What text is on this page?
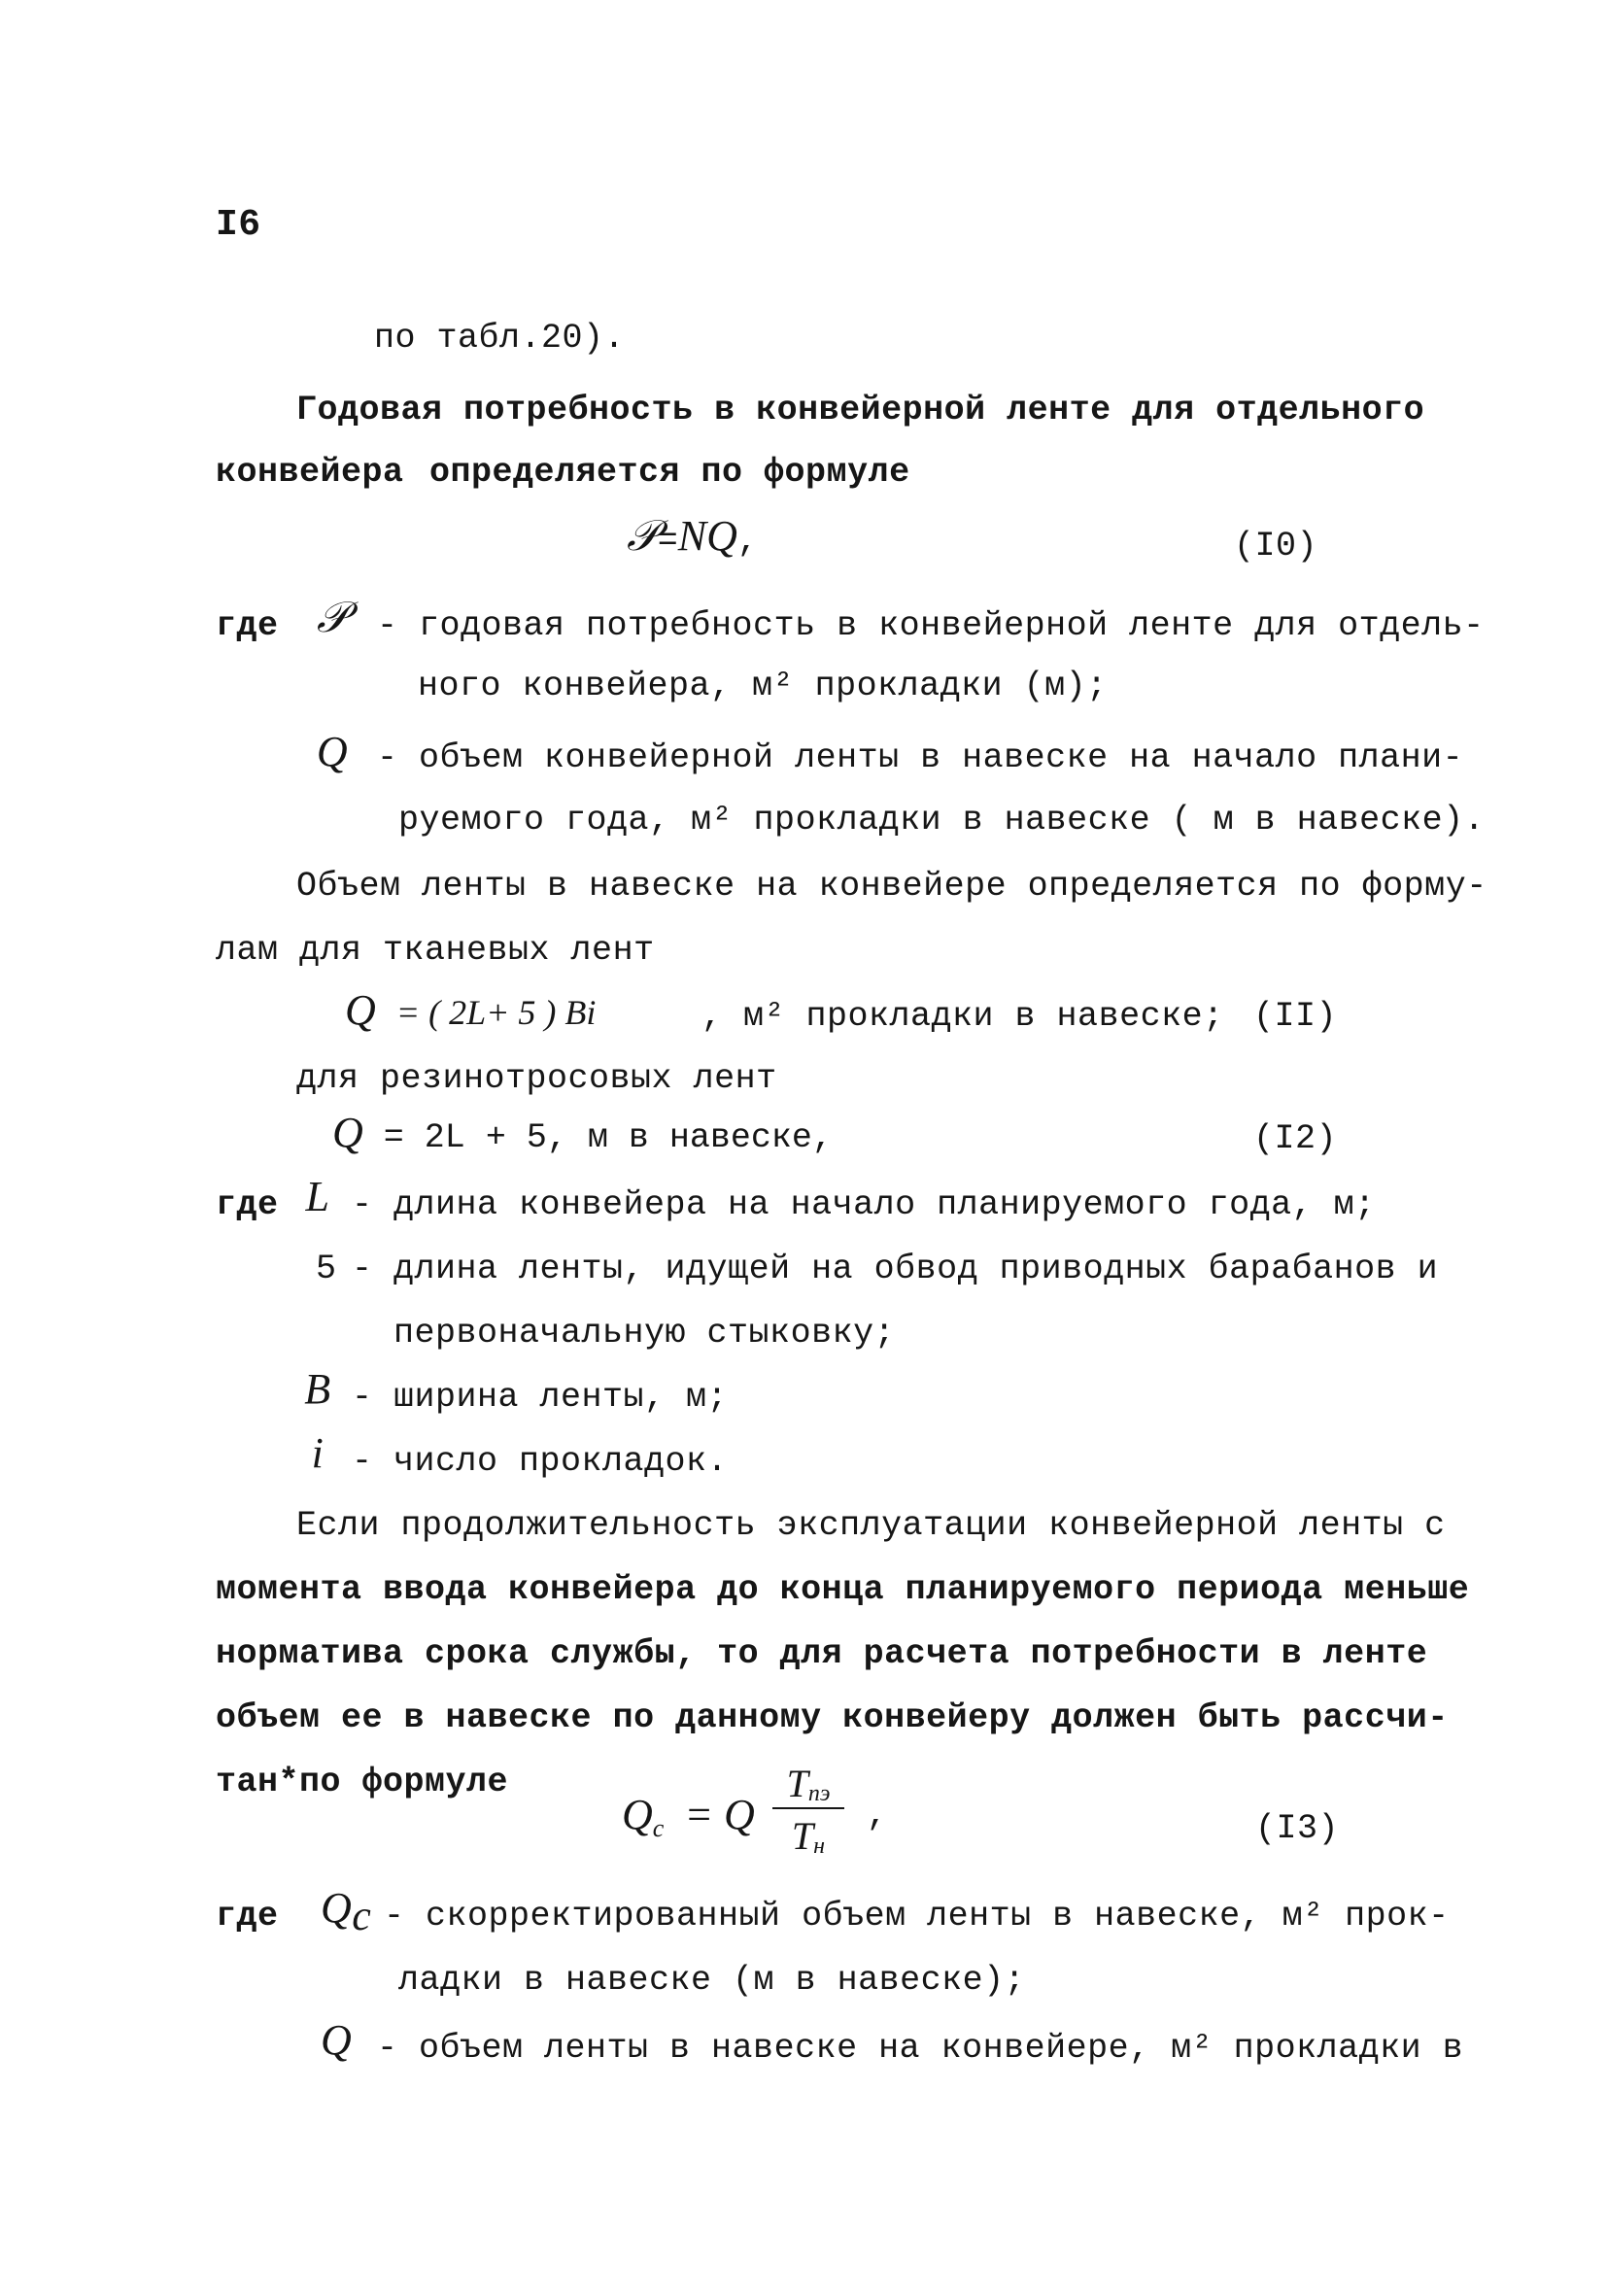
I6
по табл.20).
Годовая потребность в конвейерной ленте для отдельного
конвейера определяется по формуле
𝒫=NQ,	(I0)
где 𝒫 - годовая потребность в конвейерной ленте для отдель-
ного конвейера, м² прокладки (м);
Q - объем конвейерной ленты в навеске на начало плани-
руемого года, м² прокладки в навеске ( м в навеске).
Объем ленты в навеске на конвейере определяется по форму-
лам для тканевых лент
Q = ( 2L+ 5 ) Bi	, м² прокладки в навеске; (II)
для резинотросовых лент
Q = 2L + 5, м в навеске,	(I2)
где L - длина конвейера на начало планируемого года, м;
5 - длина ленты, идущей на обвод приводных барабанов и
первоначальную стыковку;
B - ширина ленты, м;
i - число прокладок.
Если продолжительность эксплуатации конвейерной ленты с
момента ввода конвейера до конца планируемого периода меньше
норматива срока службы, то для расчета потребности в ленте
объем ее в навеске по данному конвейеру должен быть рассчи-
тан*по формуле
$Q_c = Q$
$T_{пэ}$
$T_н$
,	(I3)
где $Q_c$ - скорректированный объем ленты в навеске, м² прок-
ладки в навеске (м в навеске);
Q - объем ленты в навеске на конвейере, м² прокладки в
